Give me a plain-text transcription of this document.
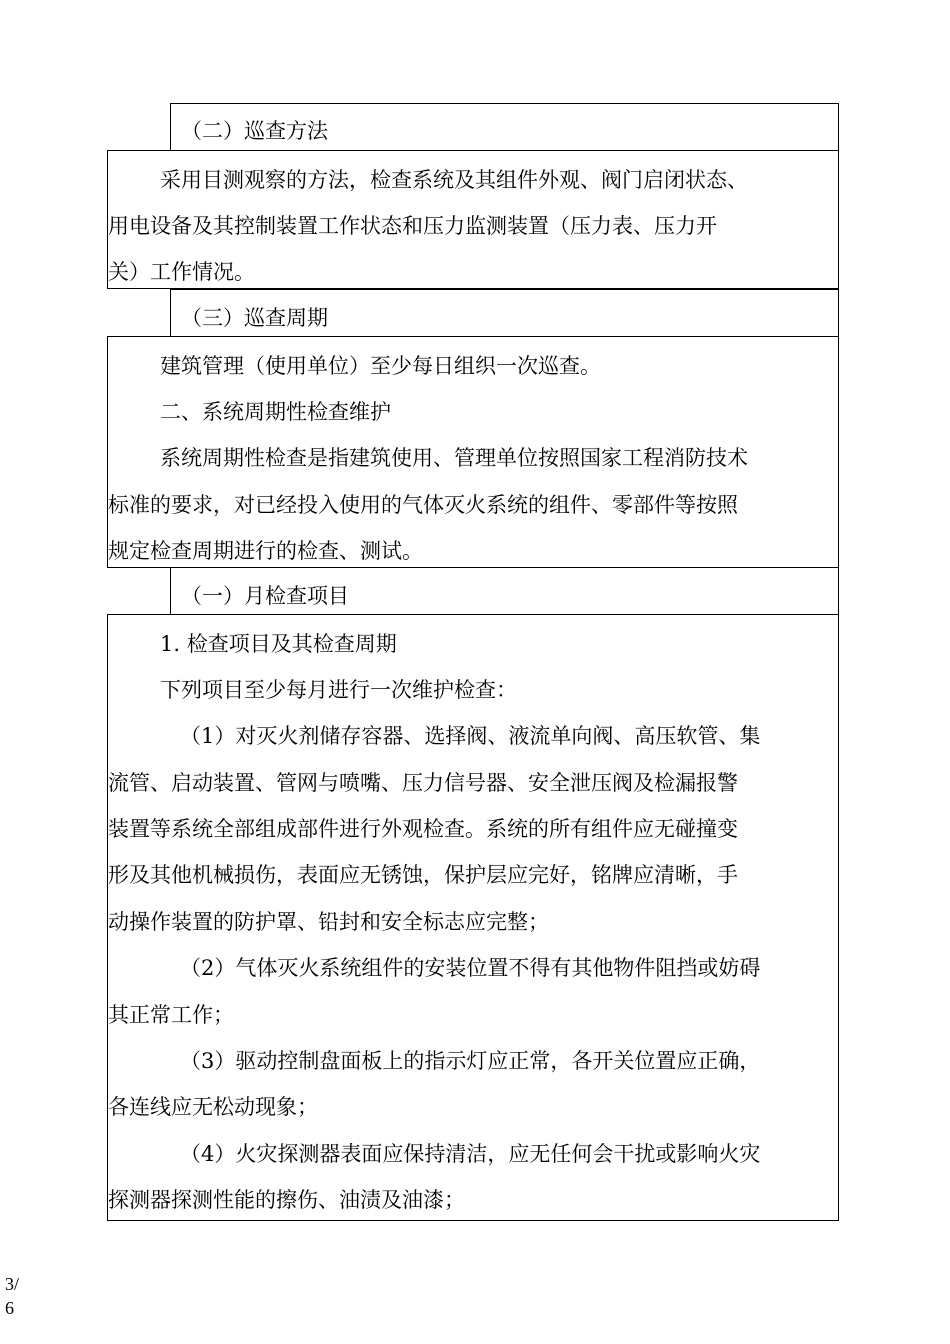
（二）巡查方法
采用目测观察的方法，检查系统及其组件外观、阀门启闭状态、
用电设备及其控制装置工作状态和压力监测装置（压力表、压力开
关）工作情况。
（三）巡查周期
建筑管理（使用单位）至少每日组织一次巡查。
二、系统周期性检查维护
系统周期性检查是指建筑使用、管理单位按照国家工程消防技术
标准的要求，对已经投入使用的气体灭火系统的组件、零部件等按照
规定检查周期进行的检查、测试。
（一）月检查项目
1. 检查项目及其检查周期
下列项目至少每月进行一次维护检查：
（1）对灭火剂储存容器、选择阀、液流单向阀、高压软管、集
流管、启动装置、管网与喷嘴、压力信号器、安全泄压阀及检漏报警
装置等系统全部组成部件进行外观检查。系统的所有组件应无碰撞变
形及其他机械损伤，表面应无锈蚀，保护层应完好，铭牌应清晰，手
动操作装置的防护罩、铅封和安全标志应完整；
（2）气体灭火系统组件的安装位置不得有其他物件阻挡或妨碍
其正常工作；
（3）驱动控制盘面板上的指示灯应正常，各开关位置应正确，
各连线应无松动现象；
（4）火灾探测器表面应保持清洁，应无任何会干扰或影响火灾
探测器探测性能的擦伤、油渍及油漆；
3/
6
